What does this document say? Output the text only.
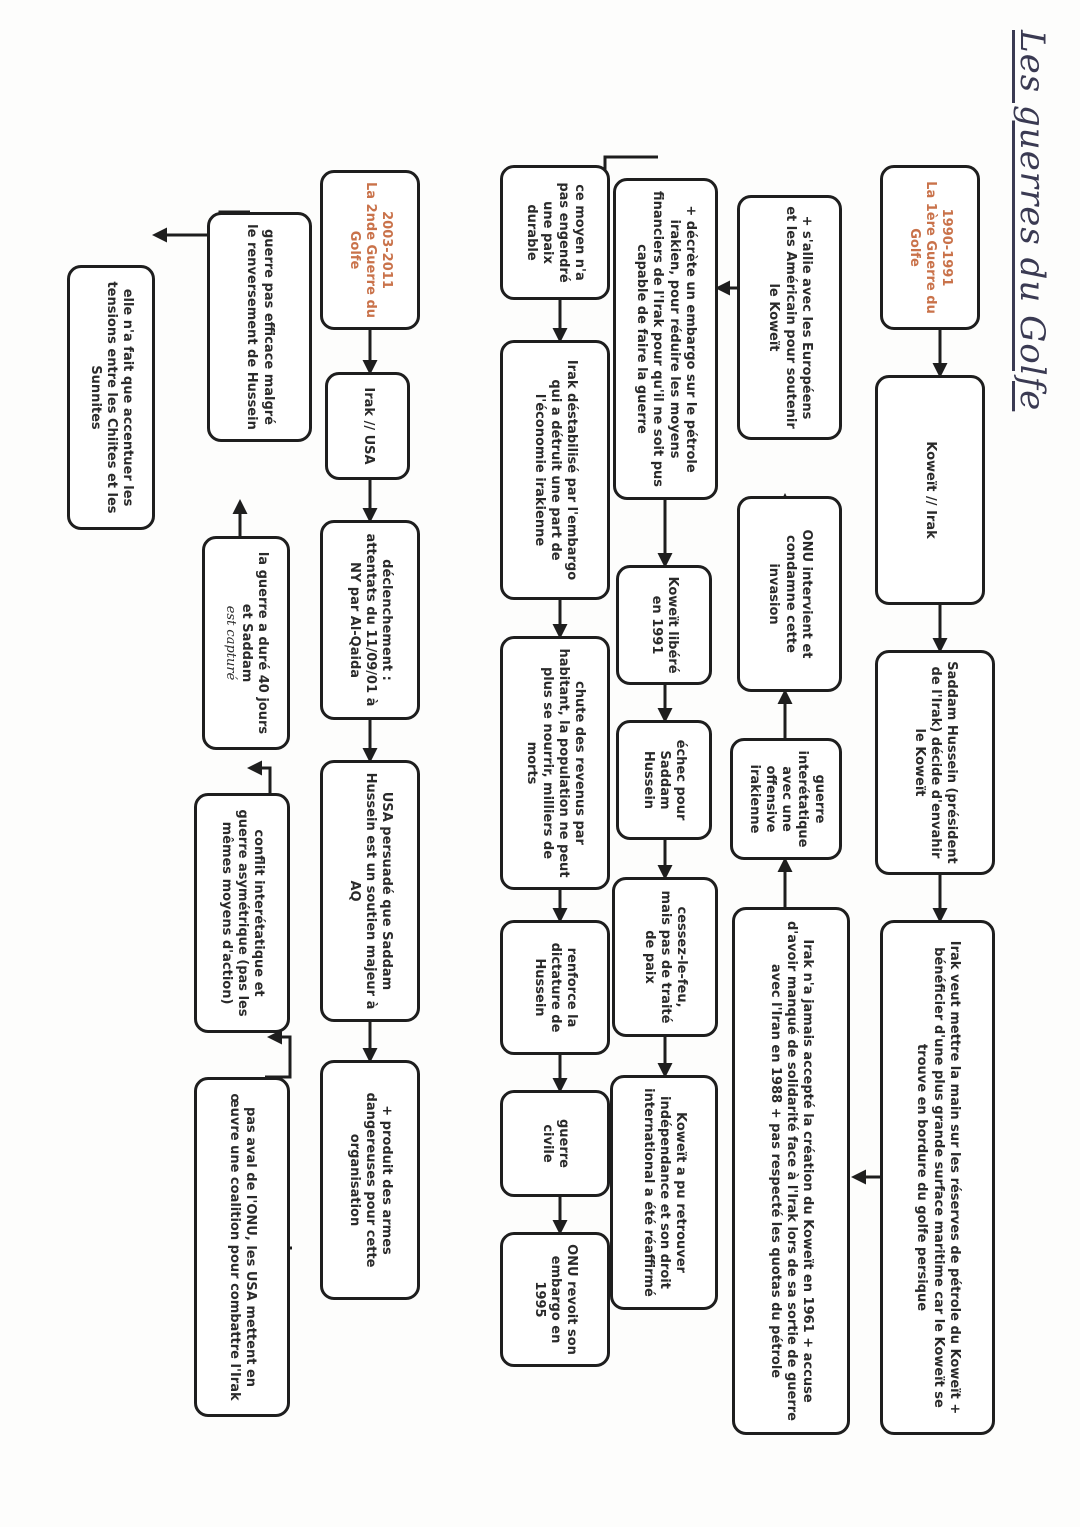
Les guerres du Golfe
1990-1991
La 1ère Guerre du Golfe
Koweït // Irak
Saddam Hussein (président de l'Irak) décide d'envahir le Koweït
Irak veut mettre la main sur les réserves de pétrole du Koweït + bénéficier d'une plus grande surface maritime car le Koweït se trouve en bordure du golfe persique
+ s'allie avec les Européens et les Américain pour soutenir le Koweït
ONU intervient et condamne cette invasion
guerre interétatique avec une offensive irakienne
Irak n'a jamais accepté la création du Koweït en 1961 + accuse d'avoir manqué de solidarité face à l'Irak lors de sa sortie de guerre avec l'Iran en 1988 + pas respecté les quotas du pétrole
+ décrète un embargo sur le pétrole irakien, pour réduire les moyens financiers de l'Irak pour qu'il ne soit pus capable de faire la guerre
Koweït libéré en 1991
échec pour Saddam Hussein
cessez-le-feu, mais pas de traité de paix
Koweït a pu retrouver indépendance et son droit international a été réaffirmé
ce moyen n'a pas engendré une paix durable
Irak déstabilisé par l'embargo qui a détruit une part de l'économie irakienne
chute des revenus par habitant, la population ne peut plus se nourrir, milliers de morts
renforce la dictature de Hussein
guerre civile
ONU revoit son embargo en 1995
2003-2011
La 2nde Guerre du Golfe
Irak // USA
déclenchement : attentats du 11/09/01 à NY par Al-Qaida
USA persuadé que Saddam Hussein est un soutien majeur à AQ
+ produit des armes dangereuses pour cette organisation
guerre pas efficace malgré le renversement de Hussein
la guerre a duré 40 jours et Saddam
est capturé
conflit interétatique et guerre asymétrique (pas les mêmes moyens d'action)
pas aval de l'ONU, les USA mettent en œuvre une coalition pour combattre l'Irak
elle n'a fait que accentuer les tensions entre les Chiites et les Sunnites
